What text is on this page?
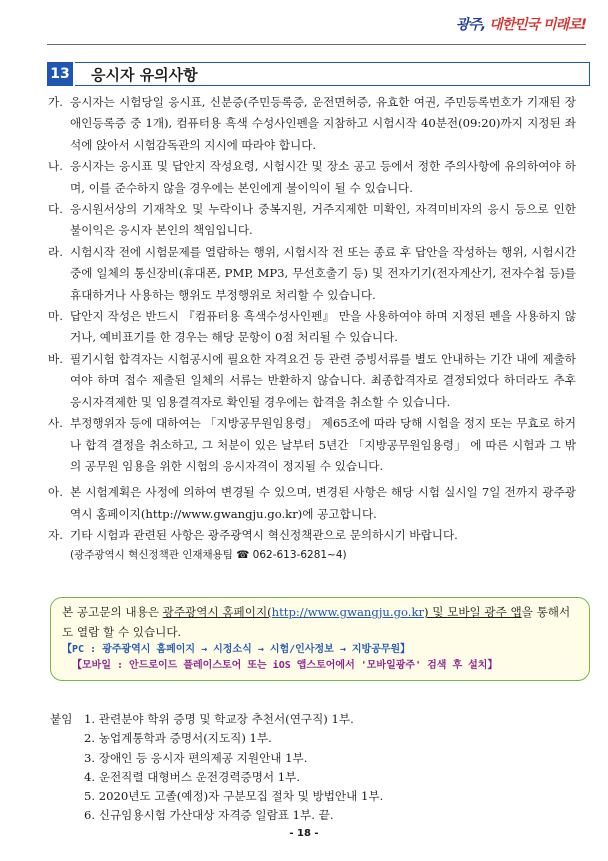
광주, 대한민국 미래로!
13	응시자 유의사항
가. 응시자는 시험당일 응시표, 신분증(주민등록증, 운전면허증, 유효한 여권, 주민등록번호가 기재된 장애인등록증 중 1개), 컴퓨터용 흑색 수성사인펜을 지참하고 시험시작 40분전(09:20)까지 지정된 좌석에 앉아서 시험감독관의 지시에 따라야 합니다.
나. 응시자는 응시표 및 답안지 작성요령, 시험시간 및 장소 공고 등에서 정한 주의사항에 유의하여야 하며, 이를 준수하지 않을 경우에는 본인에게 불이익이 될 수 있습니다.
다. 응시원서상의 기재착오 및 누락이나 중복지원, 거주지제한 미확인, 자격미비자의 응시 등으로 인한 불이익은 응시자 본인의 책임입니다.
라. 시험시작 전에 시험문제를 열람하는 행위, 시험시작 전 또는 종료 후 답안을 작성하는 행위, 시험시간 중에 일체의 통신장비(휴대폰, PMP, MP3, 무선호출기 등) 및 전자기기(전자계산기, 전자수첩 등)를 휴대하거나 사용하는 행위도 부정행위로 처리할 수 있습니다.
마. 답안지 작성은 반드시 『컴퓨터용 흑색수성사인펜』 만을 사용하여야 하며 지정된 펜을 사용하지 않거나, 예비표기를 한 경우는 해당 문항이 0점 처리될 수 있습니다.
바. 필기시험 합격자는 시험공시에 필요한 자격요건 등 관련 증빙서류를 별도 안내하는 기간 내에 제출하여야 하며 접수 제출된 일체의 서류는 반환하지 않습니다. 최종합격자로 결정되었다 하더라도 추후 응시자격제한 및 임용결격자로 확인될 경우에는 합격을 취소할 수 있습니다.
사. 부정행위자 등에 대하여는 「지방공무원임용령」 제65조에 따라 당해 시험을 정지 또는 무효로 하거나 합격 결정을 취소하고, 그 처분이 있은 날부터 5년간 「지방공무원임용령」 에 따른 시험과 그 밖의 공무원 임용을 위한 시험의 응시자격이 정지될 수 있습니다.
아. 본 시험계획은 사정에 의하여 변경될 수 있으며, 변경된 사항은 해당 시험 실시일 7일 전까지 광주광역시 홈페이지(http://www.gwangju.go.kr)에 공고합니다.
자. 기타 시험과 관련된 사항은 광주광역시 혁신정책관으로 문의하시기 바랍니다.
(광주광역시 혁신정책관 인재채용팀 ☎ 062-613-6281~4)
본 공고문의 내용은 광주광역시 홈페이지(http://www.gwangju.go.kr) 및 모바일 광주 앱을 통해서도 열람 할 수 있습니다.
【PC : 광주광역시 홈페이지 → 시정소식 → 시험/인사정보 → 지방공무원】
【모바일 : 안드로이드 플레이스토어 또는 iOS 앱스토어에서 '모바일광주' 검색 후 설치】
붙임 1. 관련분야 학위 증명 및 학교장 추천서(연구직) 1부.
2. 농업계통학과 증명서(지도직) 1부.
3. 장애인 등 응시자 편의제공 지원안내 1부.
4. 운전직렬 대형버스 운전경력증명서 1부.
5. 2020년도 고졸(예정)자 구분모집 절차 및 방법안내 1부.
6. 신규임용시험 가산대상 자격증 일람표 1부. 끝.
- 18 -
